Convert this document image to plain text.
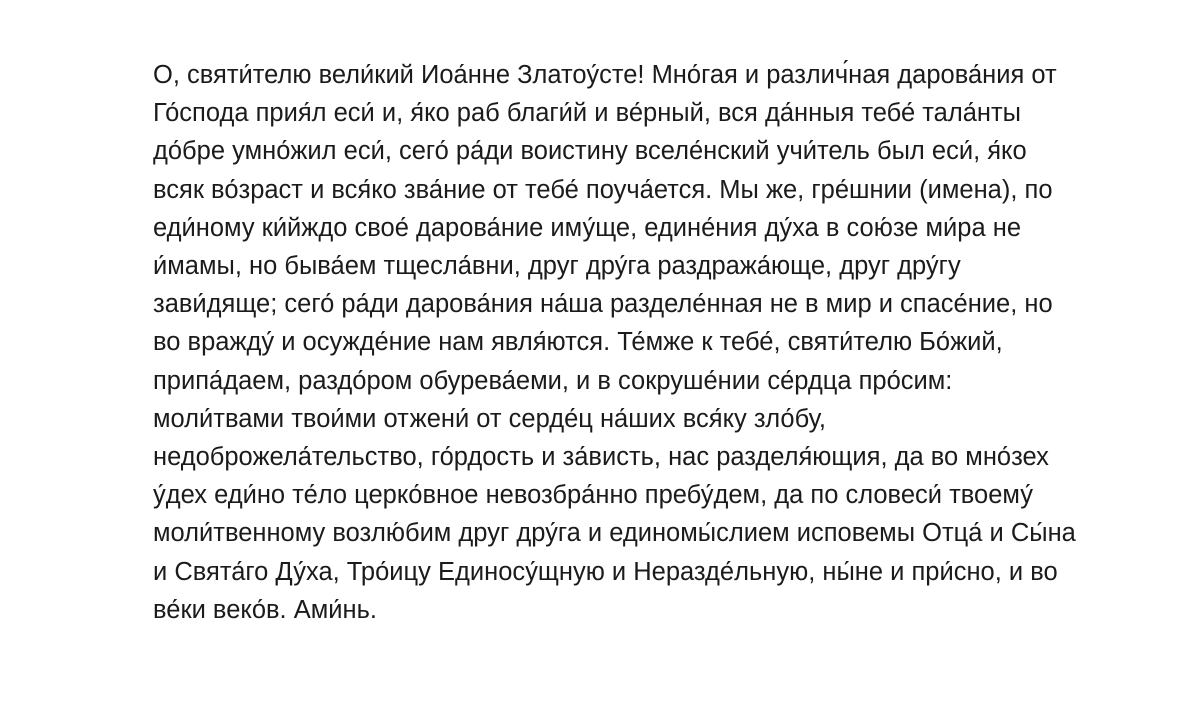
О, святи́телю вели́кий Иоа́нне Златоу́сте! Мно́гая и различ́ная дарова́ния от
Го́спода прия́л еси́ и, я́ко раб благи́й и ве́рный, вся да́нныя тебе́ тала́нты
до́бре умно́жил еси́, сего́ ра́ди воистину вселе́нский учи́тель был еси́, я́ко
всяк во́зраст и вся́ко зва́ние от тебе́ поуча́ется. Мы же, гре́шнии (имена), по
еди́ному ки́йждо свое́ дарова́ние иму́ще, едине́ния ду́ха в сою́зе ми́ра не
и́мамы, но быва́ем тщесла́вни, друг дру́га раздража́юще, друг дру́гу
зави́дяще; сего́ ра́ди дарова́ния на́ша разделе́нная не в мир и спасе́ние, но
во вражду́ и осужде́ние нам явля́ются. Те́мже к тебе́, святи́телю Бо́жий,
припа́даем, раздо́ром обурева́еми, и в сокруше́нии се́рдца про́сим:
моли́твами твои́ми отжени́ от серде́ц на́ших вся́ку зло́бу,
недоброжела́тельство, го́рдость и за́висть, нас разделя́ющия, да во мно́зех
у́дех еди́но те́ло церко́вное невозбра́нно пребу́дем, да по словеси́ твоему́
моли́твенному возлю́бим друг дру́га и единомы́слием исповемы Отца́ и Сы́на
и Свята́го Ду́ха, Тро́ицу Единосу́щную и Неразде́льную, ны́не и при́сно, и во
ве́ки веко́в. Ами́нь.
